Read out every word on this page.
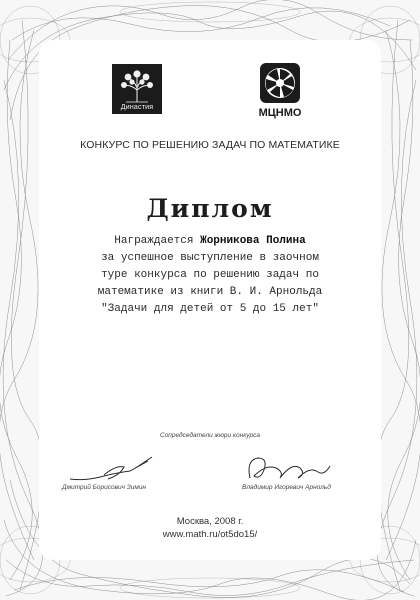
Династия	МЦНМО
КОНКУРС ПО РЕШЕНИЮ ЗАДАЧ ПО МАТЕМАТИКЕ
Диплом
Награждается Жорникова Полина
за успешное выступление в заочном
туре конкурса по решению задач по
математике из книги В. И. Арнольда
"Задачи для детей от 5 до 15 лет"
Сопредседатели жюри конкурса
Дмитрий Борисович Зимин	Владимир Игоревич Арнольд
Москва, 2008 г.
www.math.ru/ot5do15/
